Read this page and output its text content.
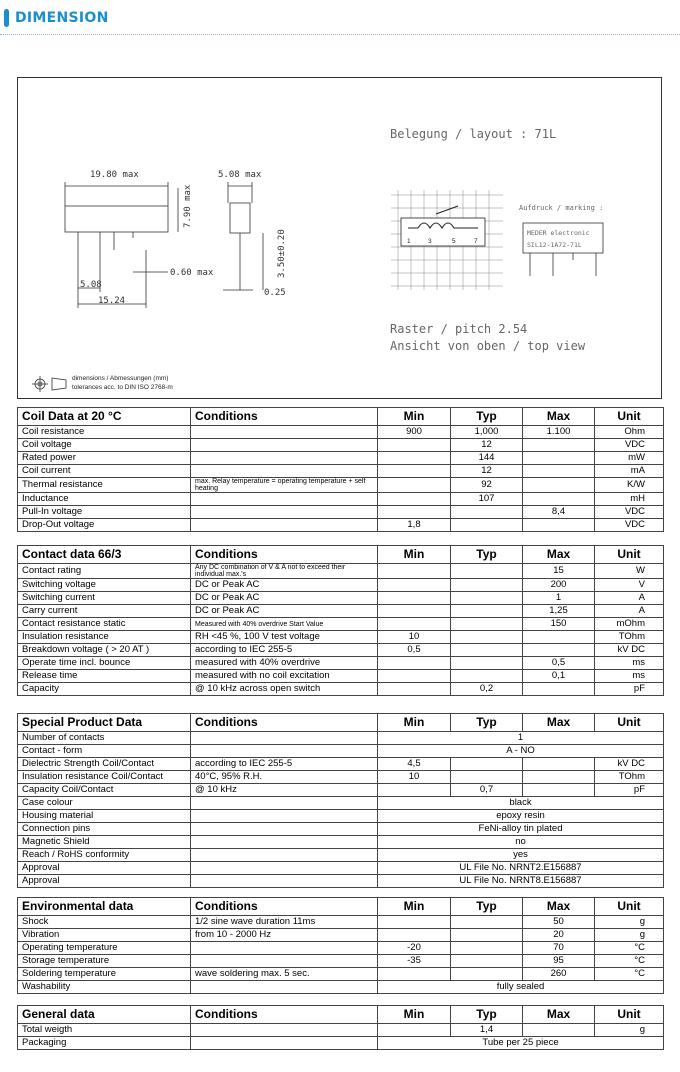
DIMENSION
19.80 max	5.08 max
7.90 max
3.50±0.20
0.60 max
0.25
5.08
15.24
Belegung / layout : 71L
Aufdruck / marking :
MEDER electronic
SIL12-1A72-71L
Raster / pitch 2.54
Ansicht von oben / top view
1	3	5	7
dimensions / Abmessungen (mm)
tolerances acc. to DIN ISO 2768-m
Coil Data at 20 °C	Conditions	Min	Typ	Max	Unit
Coil resistance		900	1,000	1.100	Ohm
Coil voltage			12		VDC
Rated power			144		mW
Coil current			12		mA
Thermal resistance	max. Relay temperature = operating temperature + self heating		92		K/W
Inductance			107		mH
Pull-In voltage				8,4	VDC
Drop-Out voltage		1,8			VDC
Contact data 66/3	Conditions	Min	Typ	Max	Unit
Contact rating	Any DC combination of V & A not to exceed their individual max.'s			15	W
Switching voltage	DC or Peak AC			200	V
Switching current	DC or Peak AC			1	A
Carry current	DC or Peak AC			1,25	A
Contact resistance static	Measured with 40% overdrive Start Value			150	mOhm
Insulation resistance	RH <45 %, 100 V test voltage	10			TOhm
Breakdown voltage ( > 20 AT )	according to IEC 255-5	0,5			kV DC
Operate time incl. bounce	measured with 40% overdrive			0,5	ms
Release time	measured with no coil excitation			0,1	ms
Capacity	@ 10 kHz across open switch		0,2		pF
Special Product Data	Conditions	Min	Typ	Max	Unit
Number of contacts		1			
Contact - form		A - NO			
Dielectric Strength Coil/Contact	according to IEC 255-5	4,5			kV DC
Insulation resistance Coil/Contact	40°C, 95% R.H.	10			TOhm
Capacity Coil/Contact	@ 10 kHz		0,7		pF
Case colour		black			
Housing material		epoxy resin			
Connection pins		FeNi-alloy tin plated			
Magnetic Shield		no			
Reach / RoHS conformity		yes			
Approval		UL File No. NRNT2.E156887			
Approval		UL File No. NRNT8.E156887			
Environmental data	Conditions	Min	Typ	Max	Unit
Shock	1/2 sine wave duration 11ms			50	g
Vibration	from 10 - 2000 Hz			20	g
Operating temperature		-20		70	°C
Storage temperature		-35		95	°C
Soldering temperature	wave soldering max. 5 sec.			260	°C
Washability		fully sealed			
General data	Conditions	Min	Typ	Max	Unit
Total weigth			1,4		g
Packaging		Tube per 25 piece			
